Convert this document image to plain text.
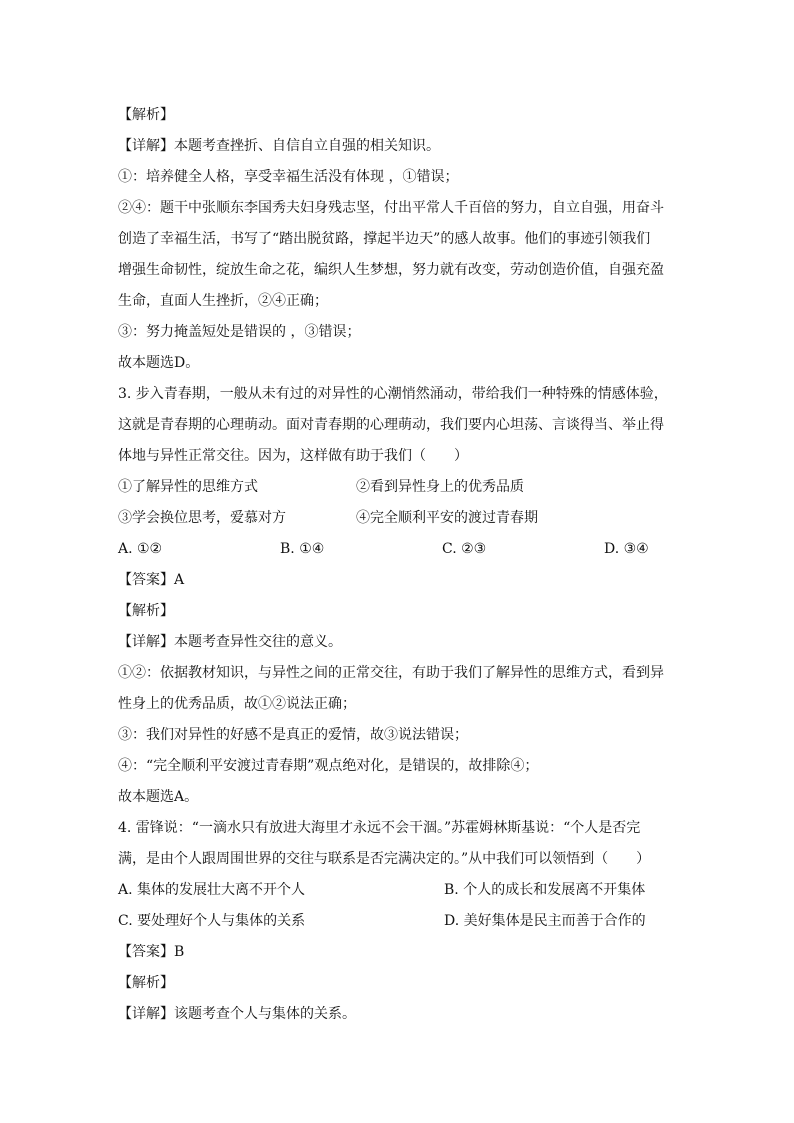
【解析】
【详解】本题考查挫折、自信自立自强的相关知识。
①：培养健全人格，享受幸福生活没有体现 ，①错误；
②④：题干中张顺东李国秀夫妇身残志坚，付出平常人千百倍的努力，自立自强，用奋斗
创造了幸福生活，书写了“踏出脱贫路，撑起半边天”的感人故事。他们的事迹引领我们
增强生命韧性，绽放生命之花，编织人生梦想，努力就有改变，劳动创造价值，自强充盈
生命，直面人生挫折，②④正确；
③：努力掩盖短处是错误的 ，③错误；
故本题选D。
3. 步入青春期，一般从未有过的对异性的心潮悄然涌动，带给我们一种特殊的情感体验，
这就是青春期的心理萌动。面对青春期的心理萌动，我们要内心坦荡、言谈得当、举止得
体地与异性正常交往。因为，这样做有助于我们（　　）
①了解异性的思维方式	②看到异性身上的优秀品质
③学会换位思考，爱慕对方	④完全顺利平安的渡过青春期
A. ①②	B. ①④	C. ②③	D. ③④
【答案】A
【解析】
【详解】本题考查异性交往的意义。
①②：依据教材知识，与异性之间的正常交往，有助于我们了解异性的思维方式，看到异
性身上的优秀品质，故①②说法正确；
③：我们对异性的好感不是真正的爱情，故③说法错误；
④：“完全顺利平安渡过青春期”观点绝对化，是错误的，故排除④；
故本题选A。
4. 雷锋说：“一滴水只有放进大海里才永远不会干涸。”苏霍姆林斯基说：“个人是否完
满，是由个人跟周围世界的交往与联系是否完满决定的。”从中我们可以领悟到（　　）
A. 集体的发展壮大离不开个人	B. 个人的成长和发展离不开集体
C. 要处理好个人与集体的关系	D. 美好集体是民主而善于合作的
【答案】B
【解析】
【详解】该题考查个人与集体的关系。
